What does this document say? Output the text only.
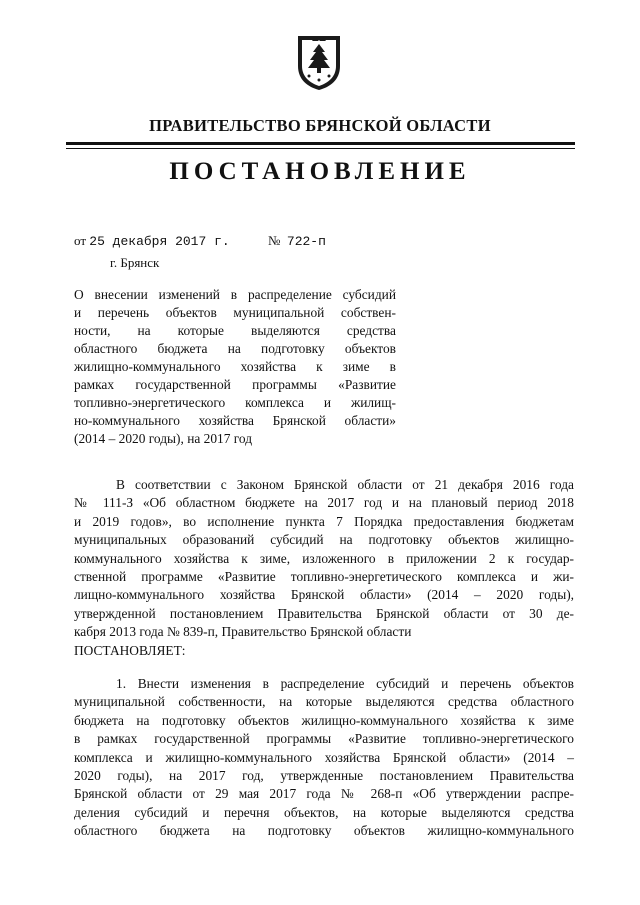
ПРАВИТЕЛЬСТВО БРЯНСКОЙ ОБЛАСТИ
ПОСТАНОВЛЕНИЕ
от 25 декабря 2017 г.	№ 722-п
г. Брянск
О внесении изменений в распределение субсидий
и перечень объектов муниципальной собствен-
ности, на которые выделяются средства
областного бюджета на подготовку объектов
жилищно-коммунального хозяйства к зиме в
рамках государственной программы «Развитие
топливно-энергетического комплекса и жилищ-
но-коммунального хозяйства Брянской области»
(2014 – 2020 годы), на 2017 год
В соответствии с Законом Брянской области от 21 декабря 2016 года
№ 111-З «Об областном бюджете на 2017 год и на плановый период 2018
и 2019 годов», во исполнение пункта 7 Порядка предоставления бюджетам
муниципальных образований субсидий на подготовку объектов жилищно-
коммунального хозяйства к зиме, изложенного в приложении 2 к государ-
ственной программе «Развитие топливно-энергетического комплекса и жи-
лищно-коммунального хозяйства Брянской области» (2014 – 2020 годы),
утвержденной постановлением Правительства Брянской области от 30 де-
кабря 2013 года № 839-п, Правительство Брянской области
ПОСТАНОВЛЯЕТ:
1. Внести изменения в распределение субсидий и перечень объектов
муниципальной собственности, на которые выделяются средства областного
бюджета на подготовку объектов жилищно-коммунального хозяйства к зиме
в рамках государственной программы «Развитие топливно-энергетического
комплекса и жилищно-коммунального хозяйства Брянской области» (2014 –
2020 годы), на 2017 год, утвержденные постановлением Правительства
Брянской области от 29 мая 2017 года № 268-п «Об утверждении распре-
деления субсидий и перечня объектов, на которые выделяются средства
областного бюджета на подготовку объектов жилищно-коммунального
